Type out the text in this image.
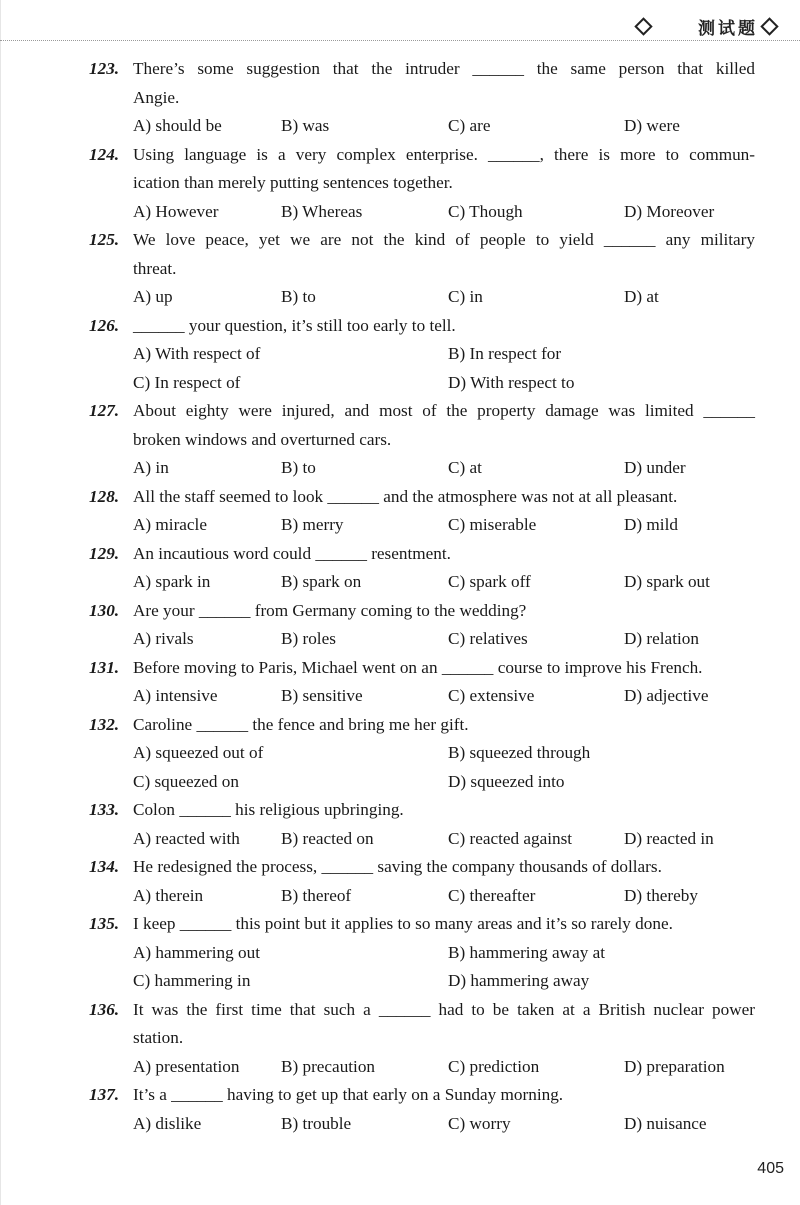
测试题
123. There’s some suggestion that the intruder ______ the same person that killed
Angie.
A) should be	B) was	C) are	D) were
124. Using language is a very complex enterprise. ______, there is more to commun-
ication than merely putting sentences together.
A) However	B) Whereas	C) Though	D) Moreover
125. We love peace, yet we are not the kind of people to yield ______ any military
threat.
A) up	B) to	C) in	D) at
126. ______ your question, it’s still too early to tell.
A) With respect of	B) In respect for
C) In respect of	D) With respect to
127. About eighty were injured, and most of the property damage was limited ______
broken windows and overturned cars.
A) in	B) to	C) at	D) under
128. All the staff seemed to look ______ and the atmosphere was not at all pleasant.
A) miracle	B) merry	C) miserable	D) mild
129. An incautious word could ______ resentment.
A) spark in	B) spark on	C) spark off	D) spark out
130. Are your ______ from Germany coming to the wedding?
A) rivals	B) roles	C) relatives	D) relation
131. Before moving to Paris, Michael went on an ______ course to improve his French.
A) intensive	B) sensitive	C) extensive	D) adjective
132. Caroline ______ the fence and bring me her gift.
A) squeezed out of	B) squeezed through
C) squeezed on	D) squeezed into
133. Colon ______ his religious upbringing.
A) reacted with B) reacted on	C) reacted against	D) reacted in
134. He redesigned the process, ______ saving the company thousands of dollars.
A) therein	B) thereof	C) thereafter	D) thereby
135. I keep ______ this point but it applies to so many areas and it’s so rarely done.
A) hammering out	B) hammering away at
C) hammering in	D) hammering away
136. It was the first time that such a ______ had to be taken at a British nuclear power
station.
A) presentation B) precaution	C) prediction	D) preparation
137. It’s a ______ having to get up that early on a Sunday morning.
A) dislike	B) trouble	C) worry	D) nuisance
405
